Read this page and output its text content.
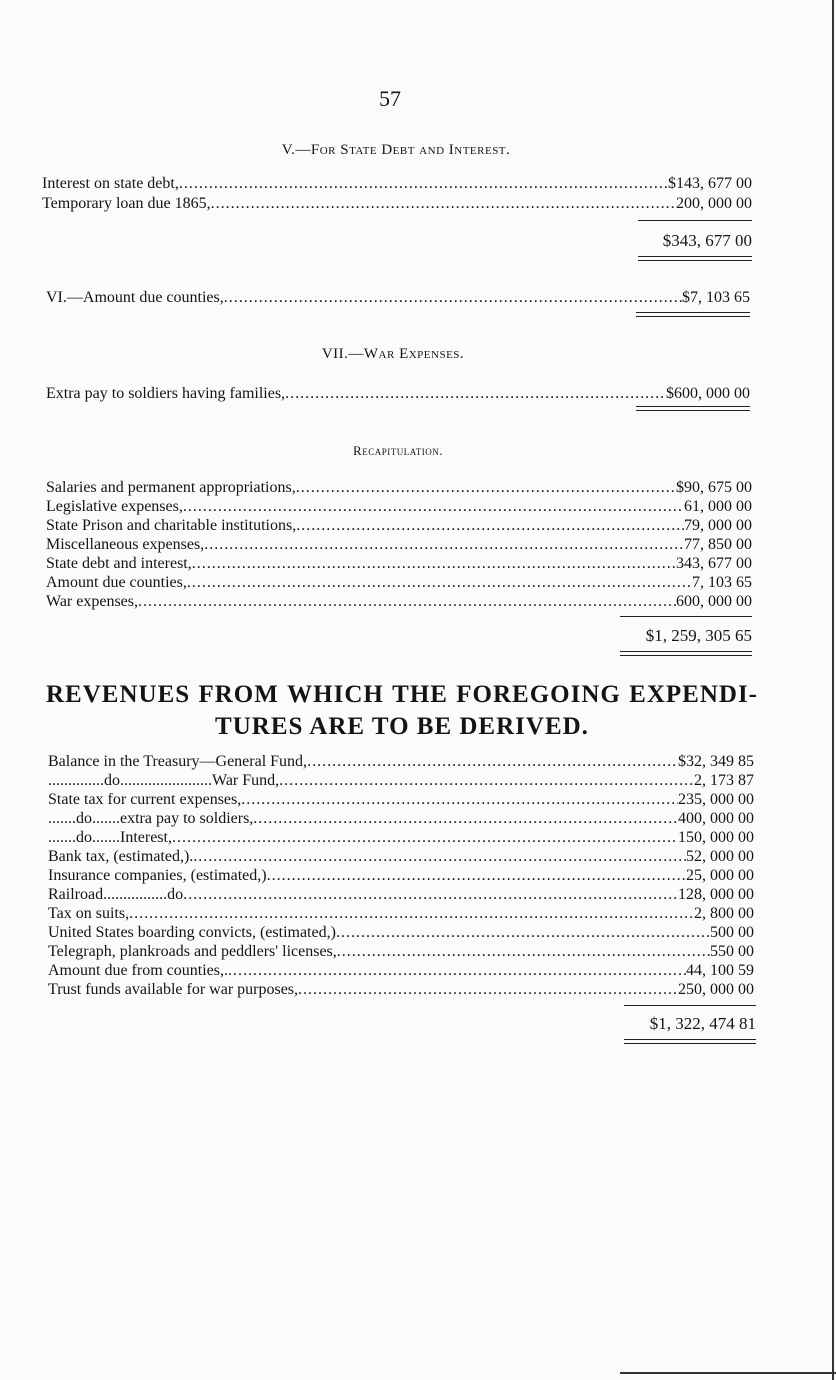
57
V.—For State Debt and Interest.
Interest on state debt, .....	$143, 677 00
Temporary loan due 1865, .....	200, 000 00
$343, 677 00
VI.—Amount due counties, .....	$7, 103 65
VII.—War Expenses.
Extra pay to soldiers having families, .....	$600, 000 00
Recapitulation.
Salaries and permanent appropriations, .....	$90, 675 00
Legislative expenses, .....	61, 000 00
State Prison and charitable institutions, .....	79, 000 00
Miscellaneous expenses, .....	77, 850 00
State debt and interest, .....	343, 677 00
Amount due counties, .....	7, 103 65
War expenses, .....	600, 000 00
$1, 259, 305 65
REVENUES FROM WHICH THE FOREGOING EXPENDI-
TURES ARE TO BE DERIVED.
Balance in the Treasury—General Fund, .....	$32, 349 85
..............do.......................War Fund, .....	2, 173 87
State tax for current expenses, .....	235, 000 00
.......do.......extra pay to soldiers, .....	400, 000 00
.......do.......Interest, .....	150, 000 00
Bank tax, (estimated,). .....	52, 000 00
Insurance companies, (estimated,) .....	25, 000 00
Railroad................do .....	128, 000 00
Tax on suits, .....	2, 800 00
United States boarding convicts, (estimated,) .....	500 00
Telegraph, plankroads and peddlers' licenses, .....	550 00
Amount due from counties,. .....	44, 100 59
Trust funds available for war purposes, .....	250, 000 00
$1, 322, 474 81
